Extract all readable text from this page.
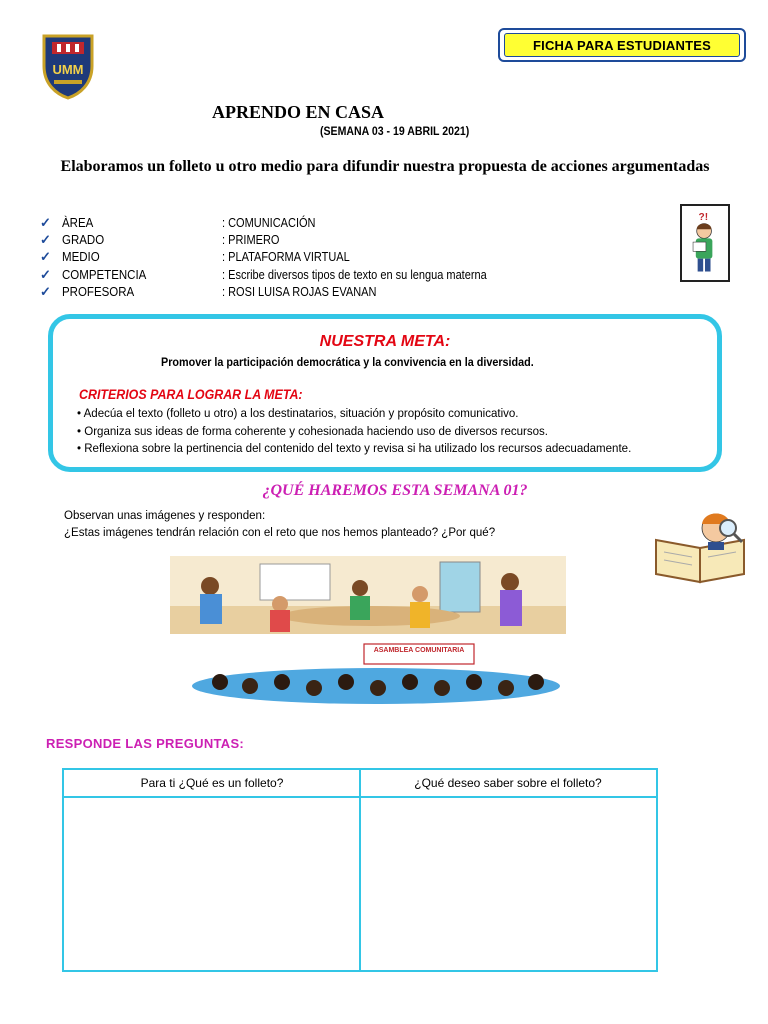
UMM
FICHA PARA ESTUDIANTES
APRENDO EN CASA
(SEMANA 03 - 19 ABRIL 2021)
Elaboramos un folleto u otro medio para difundir nuestra propuesta de acciones argumentadas
✓ ÀREA	: COMUNICACIÓN
✓ GRADO	: PRIMERO
✓ MEDIO	: PLATAFORMA VIRTUAL
✓ COMPETENCIA	: Escribe diversos tipos de texto en su lengua materna
✓ PROFESORA	: ROSI LUISA ROJAS EVANAN
?!
NUESTRA META:
Promover la participación democrática y la convivencia en la diversidad.
CRITERIOS PARA LOGRAR LA META:
• Adecúa el texto (folleto u otro) a los destinatarios, situación y propósito comunicativo.
• Organiza sus ideas de forma coherente y cohesionada haciendo uso de diversos recursos.
• Reflexiona sobre la pertinencia del contenido del texto y revisa si ha utilizado los recursos adecuadamente.
¿QUÉ HAREMOS ESTA SEMANA 01?
Observan unas imágenes y responden:
¿Estas imágenes tendrán relación con el reto que nos hemos planteado? ¿Por qué?
ASAMBLEA COMUNITARIA
RESPONDE LAS PREGUNTAS:
Para ti ¿Qué es un folleto?	¿Qué deseo saber sobre el folleto?
